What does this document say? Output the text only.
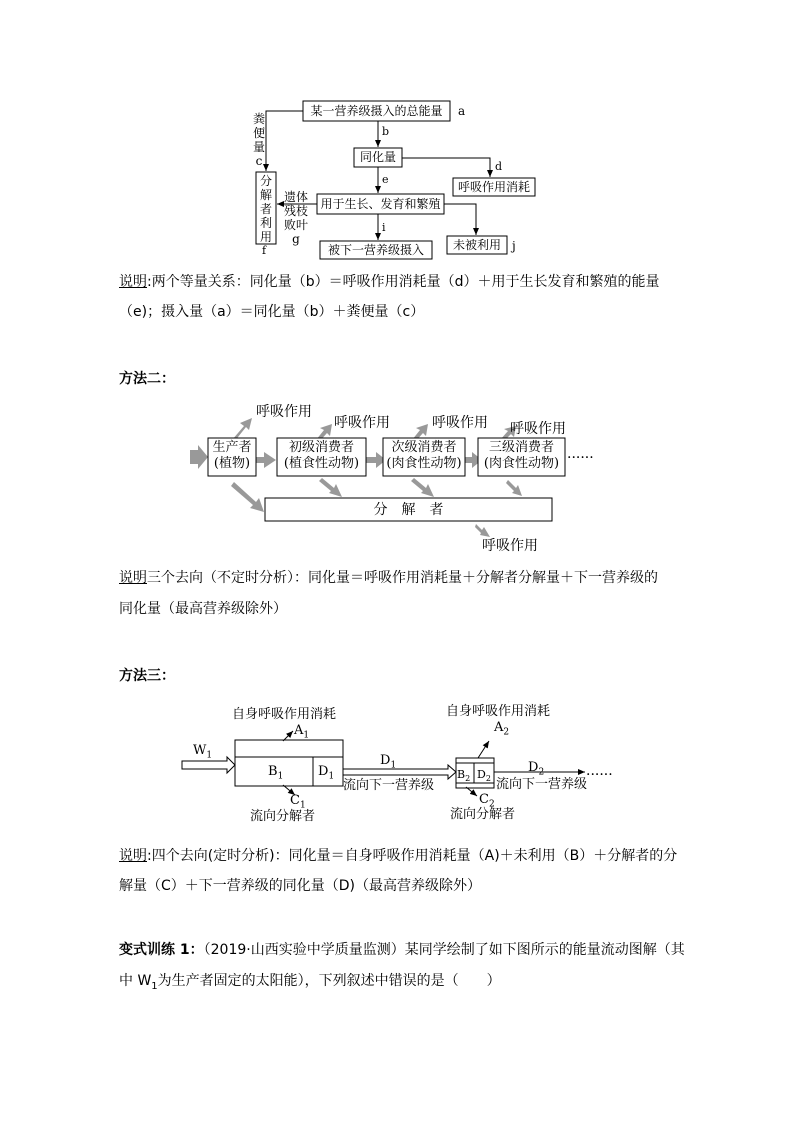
某一营养级摄入的总能量	a
b
同化量
d
呼吸作用消耗
e
用于生长、发育和繁殖
i
被下一营养级摄入	未被利用 j
粪
便
量
c
分
解
者
利
用
f
遗体
残枝
败叶
g
说明:两个等量关系：同化量（b）＝呼吸作用消耗量（d）＋用于生长发育和繁殖的能量
（e)；摄入量（a）＝同化量（b）＋粪便量（c）
方法二：
呼吸作用
呼吸作用	呼吸作用 呼吸作用
生产者
(植物)
初级消费者
(植食性动物)
次级消费者
(肉食性动物)
三级消费者
(肉食性动物) ······
分　解　者
呼吸作用
说明三个去向（不定时分析）：同化量＝呼吸作用消耗量＋分解者分解量＋下一营养级的
同化量（最高营养级除外）
方法三：
自身呼吸作用消耗	自身呼吸作用消耗
$A_1$
$A_2$
$W_1$
$B_1$	$D_1$
$D_1$
流向下一营养级
$B_2$ $D_2$
$D_2$
流向下一营养级
······
$C_1$	$C_2$
流向分解者	流向分解者
说明:四个去向(定时分析)：同化量＝自身呼吸作用消耗量（A)＋未利用（B）＋分解者的分
解量（C）＋下一营养级的同化量（D)（最高营养级除外）
变式训练 1：（2019·山西实验中学质量监测）某同学绘制了如下图所示的能量流动图解（其
中 $W_1$为生产者固定的太阳能），下列叙述中错误的是（　　）
